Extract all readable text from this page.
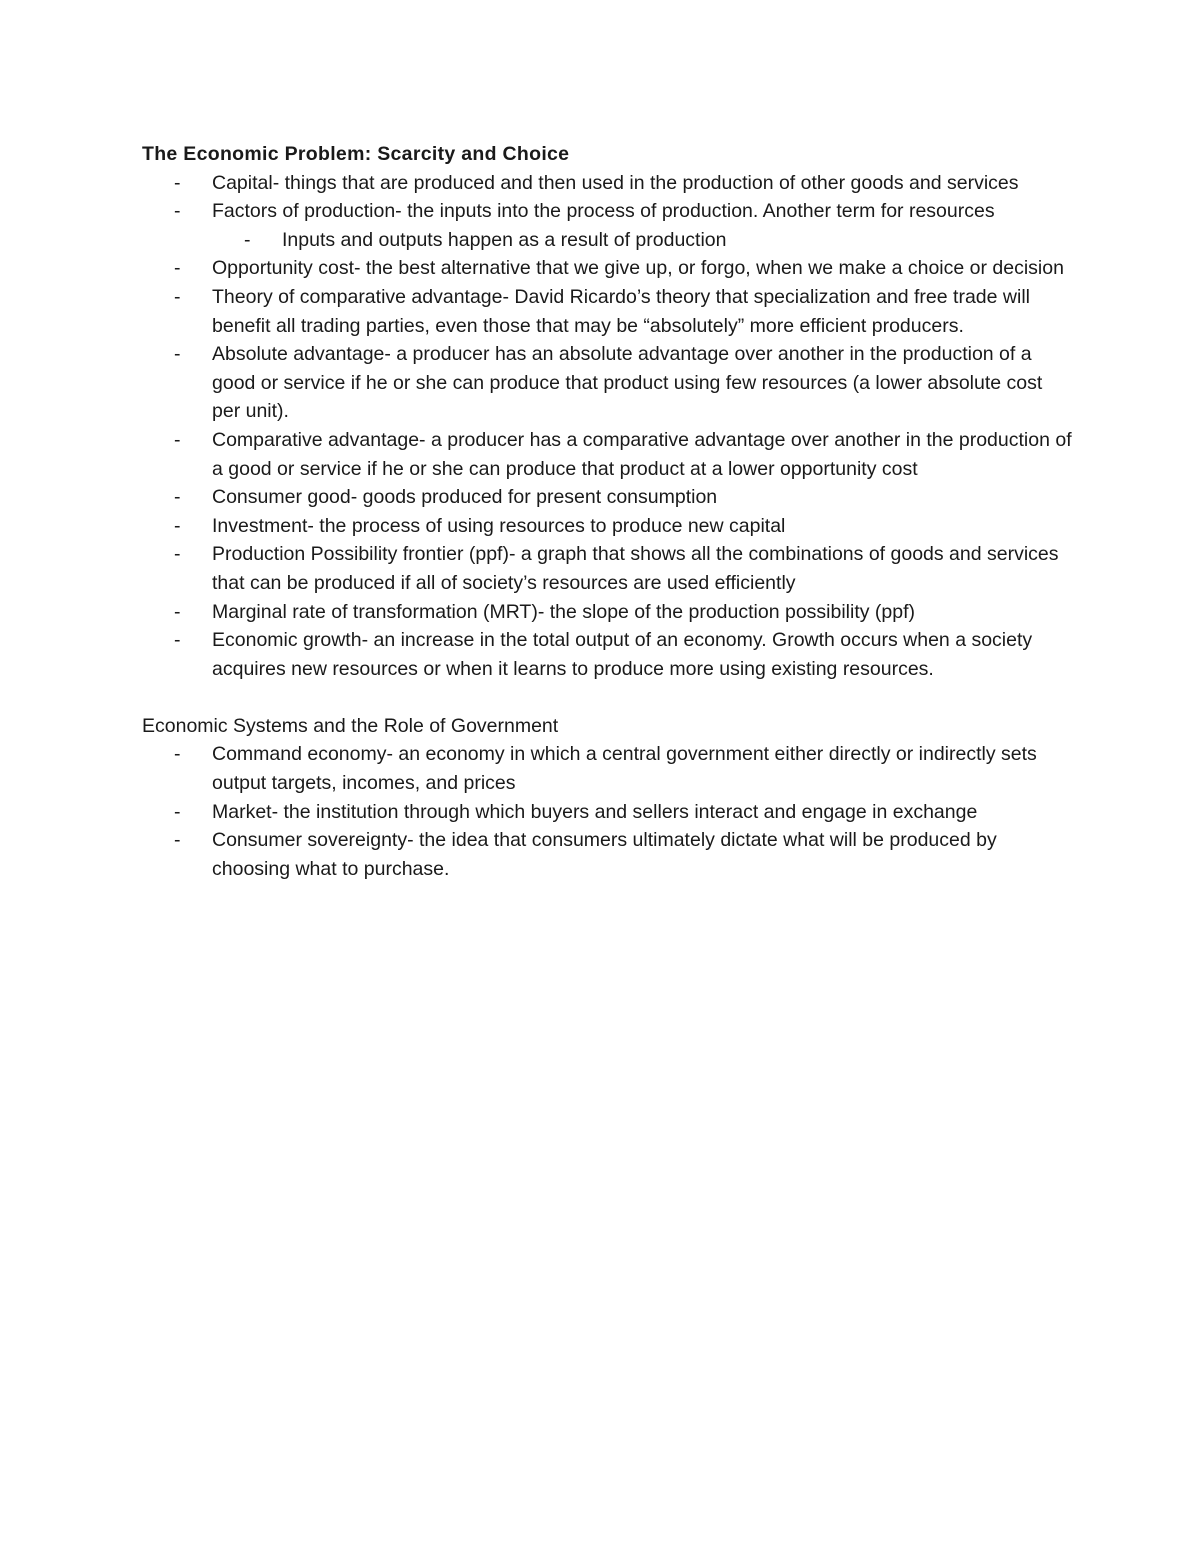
The Economic Problem: Scarcity and Choice
- Capital- things that are produced and then used in the production of other goods and services
- Factors of production- the inputs into the process of production. Another term for resources
- Inputs and outputs happen as a result of production
- Opportunity cost- the best alternative that we give up, or forgo, when we make a choice or decision
- Theory of comparative advantage- David Ricardo’s theory that specialization and free trade will benefit all trading parties, even those that may be “absolutely” more efficient producers.
- Absolute advantage- a producer has an absolute advantage over another in the production of a good or service if he or she can produce that product using few resources (a lower absolute cost per unit).
- Comparative advantage- a producer has a comparative advantage over another in the production of a good or service if he or she can produce that product at a lower opportunity cost
- Consumer good- goods produced for present consumption
- Investment- the process of using resources to produce new capital
- Production Possibility frontier (ppf)- a graph that shows all the combinations of goods and services that can be produced if all of society’s resources are used efficiently
- Marginal rate of transformation (MRT)- the slope of the production possibility (ppf)
- Economic growth- an increase in the total output of an economy. Growth occurs when a society acquires new resources or when it learns to produce more using existing resources.
Economic Systems and the Role of Government
- Command economy- an economy in which a central government either directly or indirectly sets output targets, incomes, and prices
- Market- the institution through which buyers and sellers interact and engage in exchange
- Consumer sovereignty- the idea that consumers ultimately dictate what will be produced by choosing what to purchase.
